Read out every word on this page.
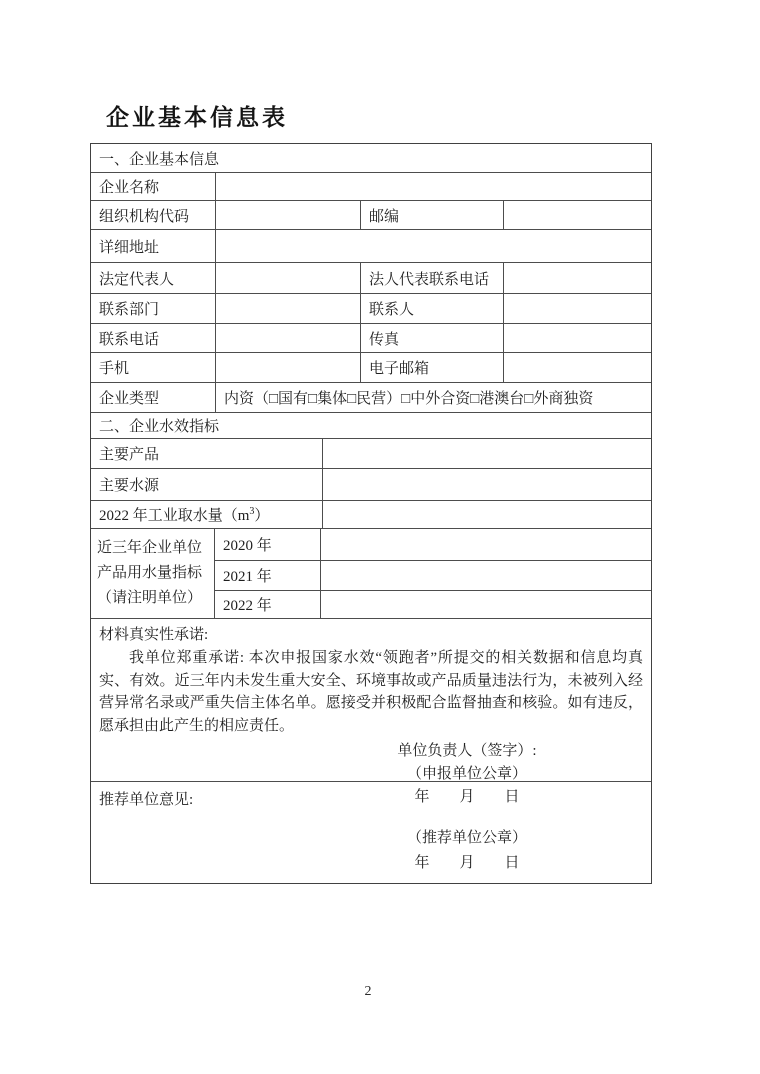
企业基本信息表
一、企业基本信息
企业名称
组织机构代码	邮编
详细地址
法定代表人	法人代表联系电话
联系部门	联系人
联系电话	传真
手机	电子邮箱
企业类型	内资（□国有□集体□民营）□中外合资□港澳台□外商独资
二、企业水效指标
主要产品
主要水源
2022 年工业取水量$(m^3)$
近三年企业单位
产品用水量指标
（请注明单位）
2020 年
2021 年
2022 年
材料真实性承诺:
我单位郑重承诺: 本次申报国家水效“领跑者”所提交的相关数据和信息均真实、有效。近三年内未发生重大安全、环境事故或产品质量违法行为，未被列入经营异常名录或严重失信主体名单。愿接受并积极配合监督抽查和核验。如有违反，愿承担由此产生的相应责任。
单位负责人（签字）:
（申报单位公章）
年　　月　　日
推荐单位意见:
（推荐单位公章）
年　　月　　日
2
